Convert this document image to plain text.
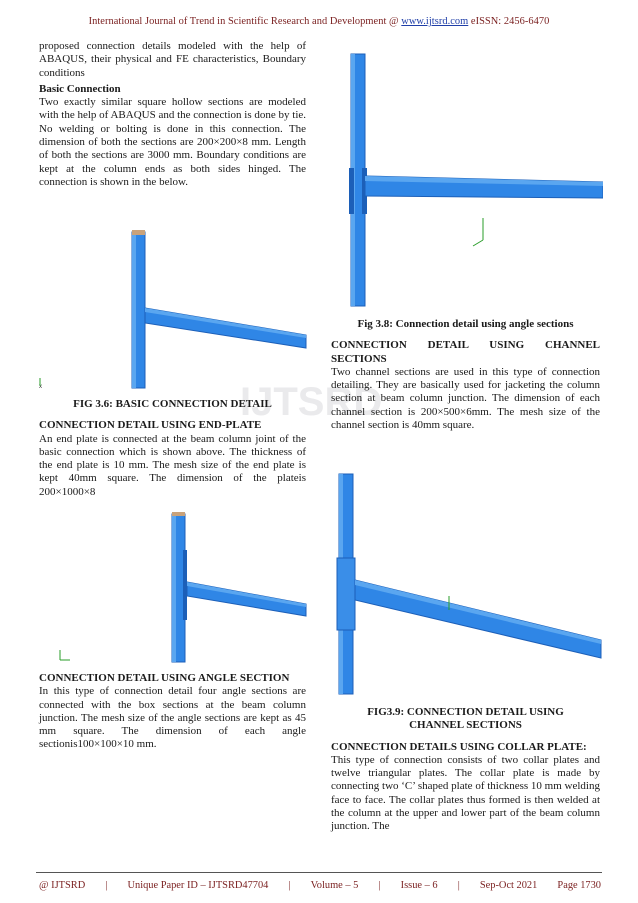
International Journal of Trend in Scientific Research and Development @ www.ijtsrd.com eISSN: 2456-6470
IJTSRD

proposed connection details modeled with the help of ABAQUS, their physical and FE characteristics, Boundary conditions

Basic Connection

Two exactly similar square hollow sections are modeled with the help of ABAQUS and the connection is done by tie. No welding or bolting is done in this connection. The dimension of both the sections are 200×200×8 mm. Length of both the sections are 3000 mm. Boundary conditions are kept at the column ends as both sides hinged. The connection is shown in the below.

x

FIG 3.6: BASIC CONNECTION DETAIL

CONNECTION DETAIL USING END-PLATE

An end plate is connected at the beam column joint of the basic connection which is shown above. The thickness of the end plate is 10 mm. The mesh size of the end plate is kept 40mm square. The dimension of the plateis 200×1000×8

CONNECTION DETAIL USING ANGLE SECTION

In this type of connection detail four angle sections are connected with the box sections at the beam column junction. The mesh size of the angle sections are kept as 45 mm square. The dimension of each angle sectionis100×100×10 mm.

Fig 3.8: Connection detail using angle sections

CONNECTION DETAIL USING CHANNEL SECTIONS

Two channel sections are used in this type of connection detailing. They are basically used for jacketing the column section at beam column junction. The dimension of each channel section is 200×500×6mm. The mesh size of the channel section is 40mm square.

FIG3.9: CONNECTION DETAIL USING

CHANNEL SECTIONS

CONNECTION DETAILS USING COLLAR PLATE:

This type of connection consists of two collar plates and twelve triangular plates. The collar plate is made by connecting two ‘C’ shaped plate of thickness 10 mm welding face to face. The collar plates thus formed is then welded at the column at the upper and lower part of the beam column junction. The

@ IJTSRD | Unique Paper ID – IJTSRD47704 | Volume – 5 | Issue – 6 | Sep-Oct 2021 Page 1730
